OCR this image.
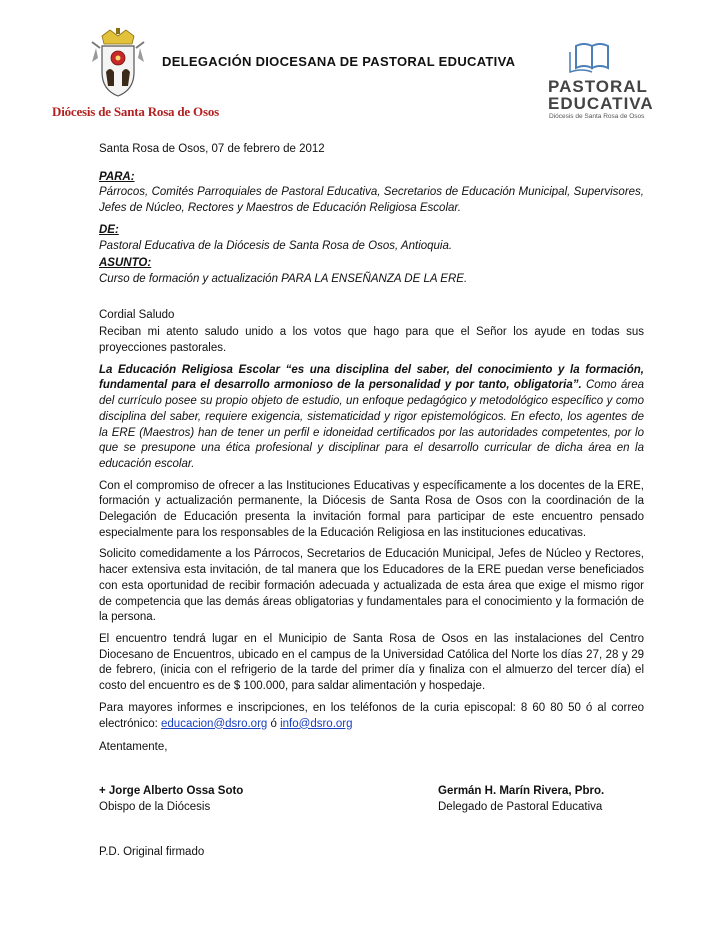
Diócesis de Santa Rosa de Osos
DELEGACIÓN DIOCESANA DE PASTORAL EDUCATIVA
PASTORAL
EDUCATIVA
Diócesis de Santa Rosa de Osos

Santa Rosa de Osos, 07 de febrero de 2012

PARA:

Párrocos, Comités Parroquiales de Pastoral Educativa, Secretarios de Educación Municipal, Supervisores, Jefes de Núcleo, Rectores y Maestros de Educación Religiosa Escolar.

DE:

Pastoral Educativa de la Diócesis de Santa Rosa de Osos, Antioquia.

ASUNTO:

Curso de formación y actualización PARA LA ENSEÑANZA DE LA ERE.

Cordial Saludo

Reciban mi atento saludo unido a los votos que hago para que el Señor los ayude en todas sus proyecciones pastorales.

La Educación Religiosa Escolar “es una disciplina del saber, del conocimiento y la formación, fundamental para el desarrollo armonioso de la personalidad y por tanto, obligatoria”. Como área del currículo posee su propio objeto de estudio, un enfoque pedagógico y metodológico específico y como disciplina del saber, requiere exigencia, sistematicidad y rigor epistemológicos. En efecto, los agentes de la ERE (Maestros) han de tener un perfil e idoneidad certificados por las autoridades competentes, por lo que se presupone una ética profesional y disciplinar para el desarrollo curricular de dicha área en la educación escolar.

Con el compromiso de ofrecer a las Instituciones Educativas y específicamente a los docentes de la ERE, formación y actualización permanente, la Diócesis de Santa Rosa de Osos con la coordinación de la Delegación de Educación presenta la invitación formal para participar de este encuentro pensado especialmente para los responsables de la Educación Religiosa en las instituciones educativas.

Solicito comedidamente a los Párrocos, Secretarios de Educación Municipal, Jefes de Núcleo y Rectores, hacer extensiva esta invitación, de tal manera que los Educadores de la ERE puedan verse beneficiados con esta oportunidad de recibir formación adecuada y actualizada de esta área que exige el mismo rigor de competencia que las demás áreas obligatorias y fundamentales para el conocimiento y la formación de la persona.

El encuentro tendrá lugar en el Municipio de Santa Rosa de Osos en las instalaciones del Centro Diocesano de Encuentros, ubicado en el campus de la Universidad Católica del Norte los días 27, 28 y 29 de febrero, (inicia con el refrigerio de la tarde del primer día y finaliza con el almuerzo del tercer día) el costo del encuentro es de $ 100.000, para saldar alimentación y hospedaje.

Para mayores informes e inscripciones, en los teléfonos de la curia episcopal: 8 60 80 50 ó al correo electrónico: educacion@dsro.org ó info@dsro.org

Atentamente,

+ Jorge Alberto Ossa Soto
Obispo de la Diócesis
Germán H. Marín Rivera, Pbro.
Delegado de Pastoral Educativa

P.D. Original firmado
